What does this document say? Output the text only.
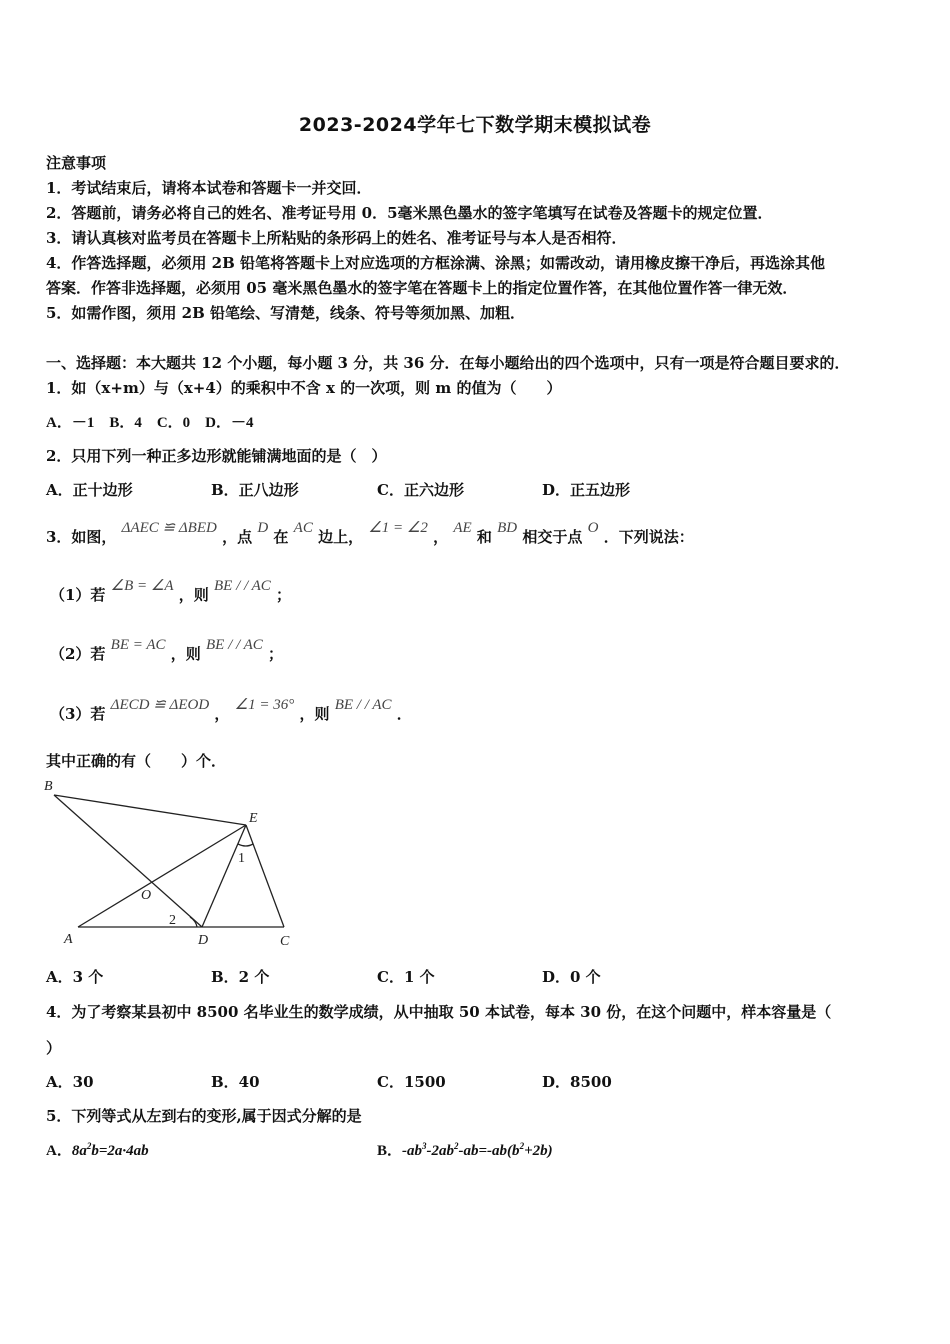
2023-2024学年七下数学期末模拟试卷
注意事项
1．考试结束后，请将本试卷和答题卡一并交回．
2．答题前，请务必将自己的姓名、准考证号用 0．5毫米黑色墨水的签字笔填写在试卷及答题卡的规定位置．
3．请认真核对监考员在答题卡上所粘贴的条形码上的姓名、准考证号与本人是否相符．
4．作答选择题，必须用 2B 铅笔将答题卡上对应选项的方框涂满、涂黑；如需改动，请用橡皮擦干净后，再选涂其他
答案．作答非选择题，必须用 05 毫米黑色墨水的签字笔在答题卡上的指定位置作答，在其他位置作答一律无效．
5．如需作图，须用 2B 铅笔绘、写清楚，线条、符号等须加黑、加粗．
一、选择题：本大题共 12 个小题，每小题 3 分，共 36 分．在每小题给出的四个选项中，只有一项是符合题目要求的．
1．如（x+m）与（x+4）的乘积中不含 x 的一次项，则 m 的值为（　　）
A．－1　B．4　C．0　D．－4
2．只用下列一种正多边形就能铺满地面的是（　）
A．正十边形	B．正八边形	C．正六边形	D．正五边形
3．如图， ΔAEC ≌ ΔBED ，点 D 在 AC 边上， ∠1 = ∠2 ， AE 和 BD 相交于点 O ．下列说法：
（1）若 ∠B = ∠A ，则 BE / / AC ；
（2）若 BE = AC ，则 BE / / AC ；
（3）若 ΔECD ≌ ΔEOD ， ∠1 = 36° ，则 BE / / AC ．
其中正确的有（　　）个．
B
E
O
A	D	C
1
2
A．3 个	B．2 个	C．1 个	D．0 个
4．为了考察某县初中 8500 名毕业生的数学成绩，从中抽取 50 本试卷，每本 30 份，在这个问题中，样本容量是（
）
A．30	B．40	C．1500	D．8500
5．下列等式从左到右的变形,属于因式分解的是
A．$8a^2b=2a\cdot 4ab$	B．$-ab^3-2ab^2-ab=-ab(b^2+2b)$
